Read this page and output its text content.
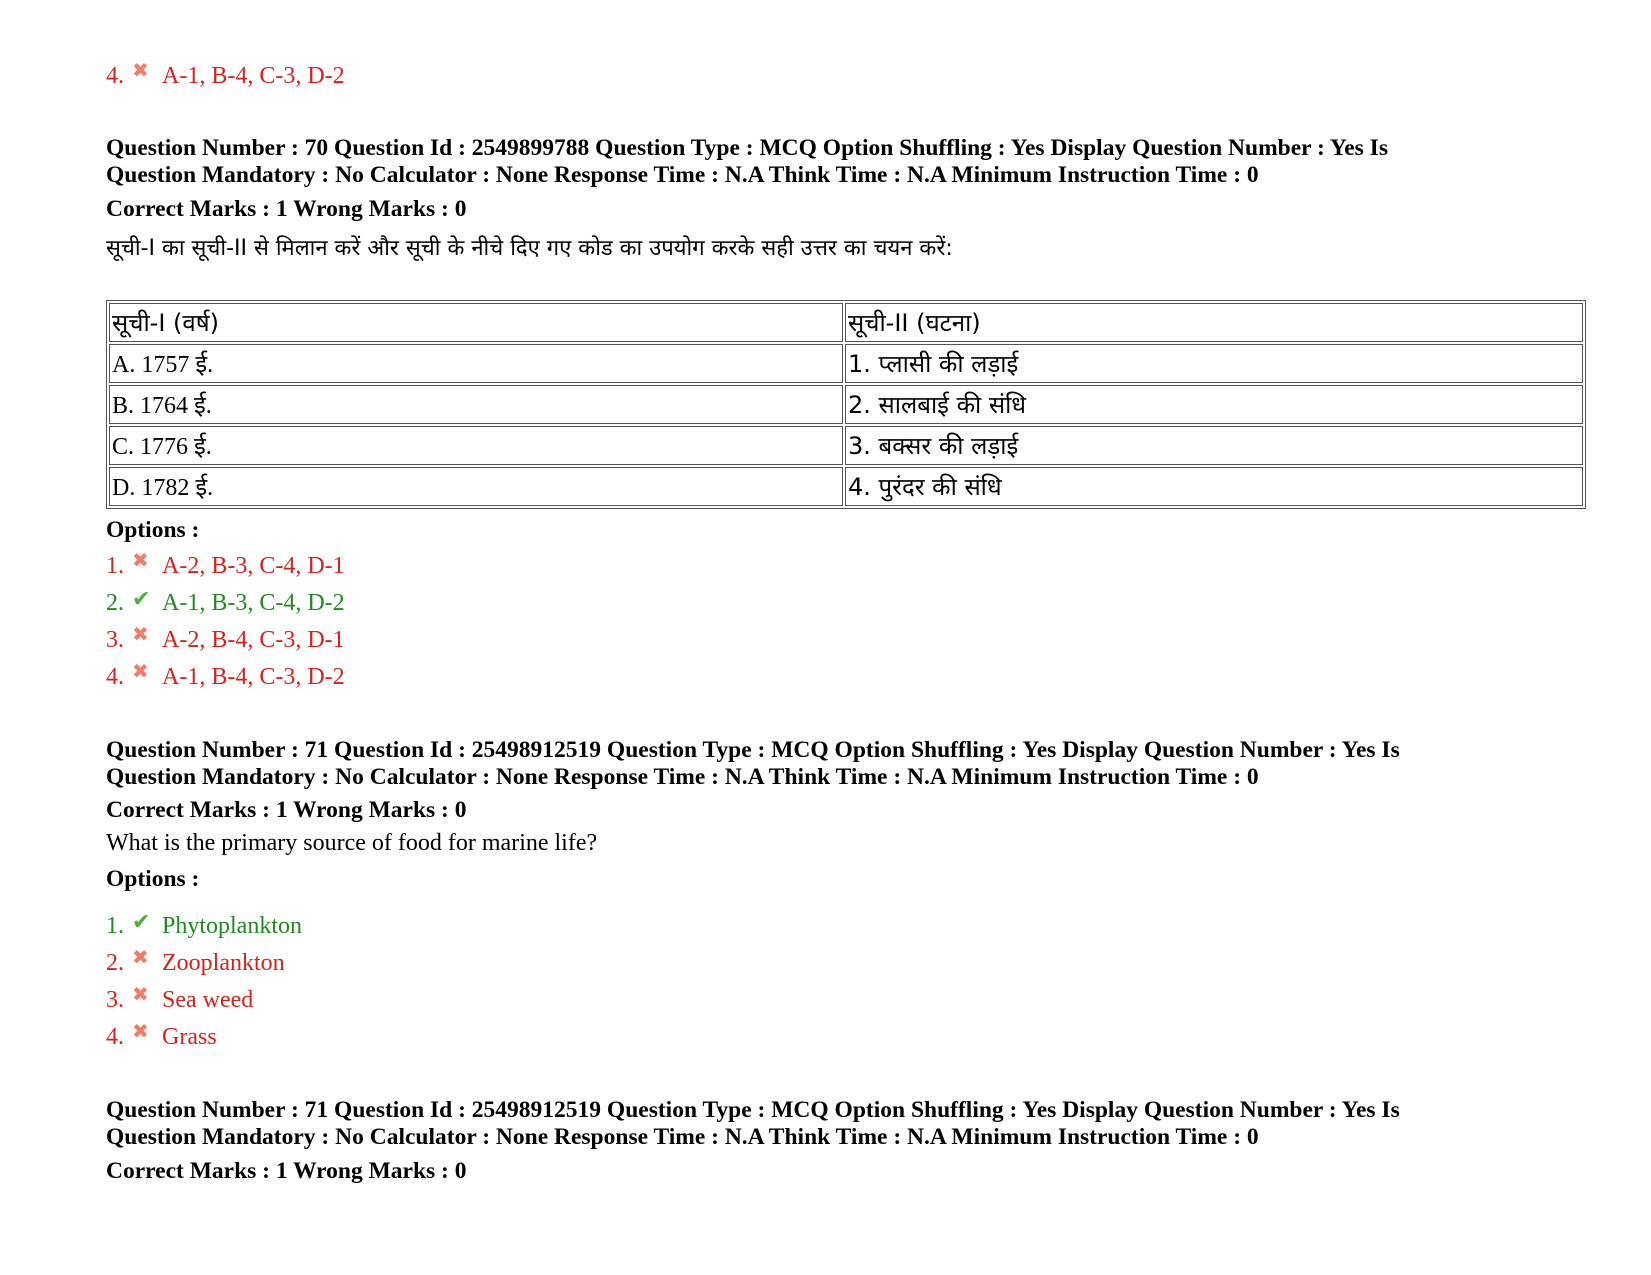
4. ✖ A-1, B-4, C-3, D-2
Question Number : 70 Question Id : 2549899788 Question Type : MCQ Option Shuffling : Yes Display Question Number : Yes Is
Question Mandatory : No Calculator : None Response Time : N.A Think Time : N.A Minimum Instruction Time : 0
Correct Marks : 1 Wrong Marks : 0
सूची-I का सूची-II से मिलान करें और सूची के नीचे दिए गए कोड का उपयोग करके सही उत्तर का चयन करें:
सूची-I (वर्ष)	सूची-II (घटना)
A. 1757 ई.	1. प्लासी की लड़ाई
B. 1764 ई.	2. सालबाई की संधि
C. 1776 ई.	3. बक्सर की लड़ाई
D. 1782 ई.	4. पुरंदर की संधि
Options :
1. ✖ A-2, B-3, C-4, D-1
2. ✔ A-1, B-3, C-4, D-2
3. ✖ A-2, B-4, C-3, D-1
4. ✖ A-1, B-4, C-3, D-2
Question Number : 71 Question Id : 25498912519 Question Type : MCQ Option Shuffling : Yes Display Question Number : Yes Is
Question Mandatory : No Calculator : None Response Time : N.A Think Time : N.A Minimum Instruction Time : 0
Correct Marks : 1 Wrong Marks : 0
What is the primary source of food for marine life?
Options :
1. ✔ Phytoplankton
2. ✖ Zooplankton
3. ✖ Sea weed
4. ✖ Grass
Question Number : 71 Question Id : 25498912519 Question Type : MCQ Option Shuffling : Yes Display Question Number : Yes Is
Question Mandatory : No Calculator : None Response Time : N.A Think Time : N.A Minimum Instruction Time : 0
Correct Marks : 1 Wrong Marks : 0
